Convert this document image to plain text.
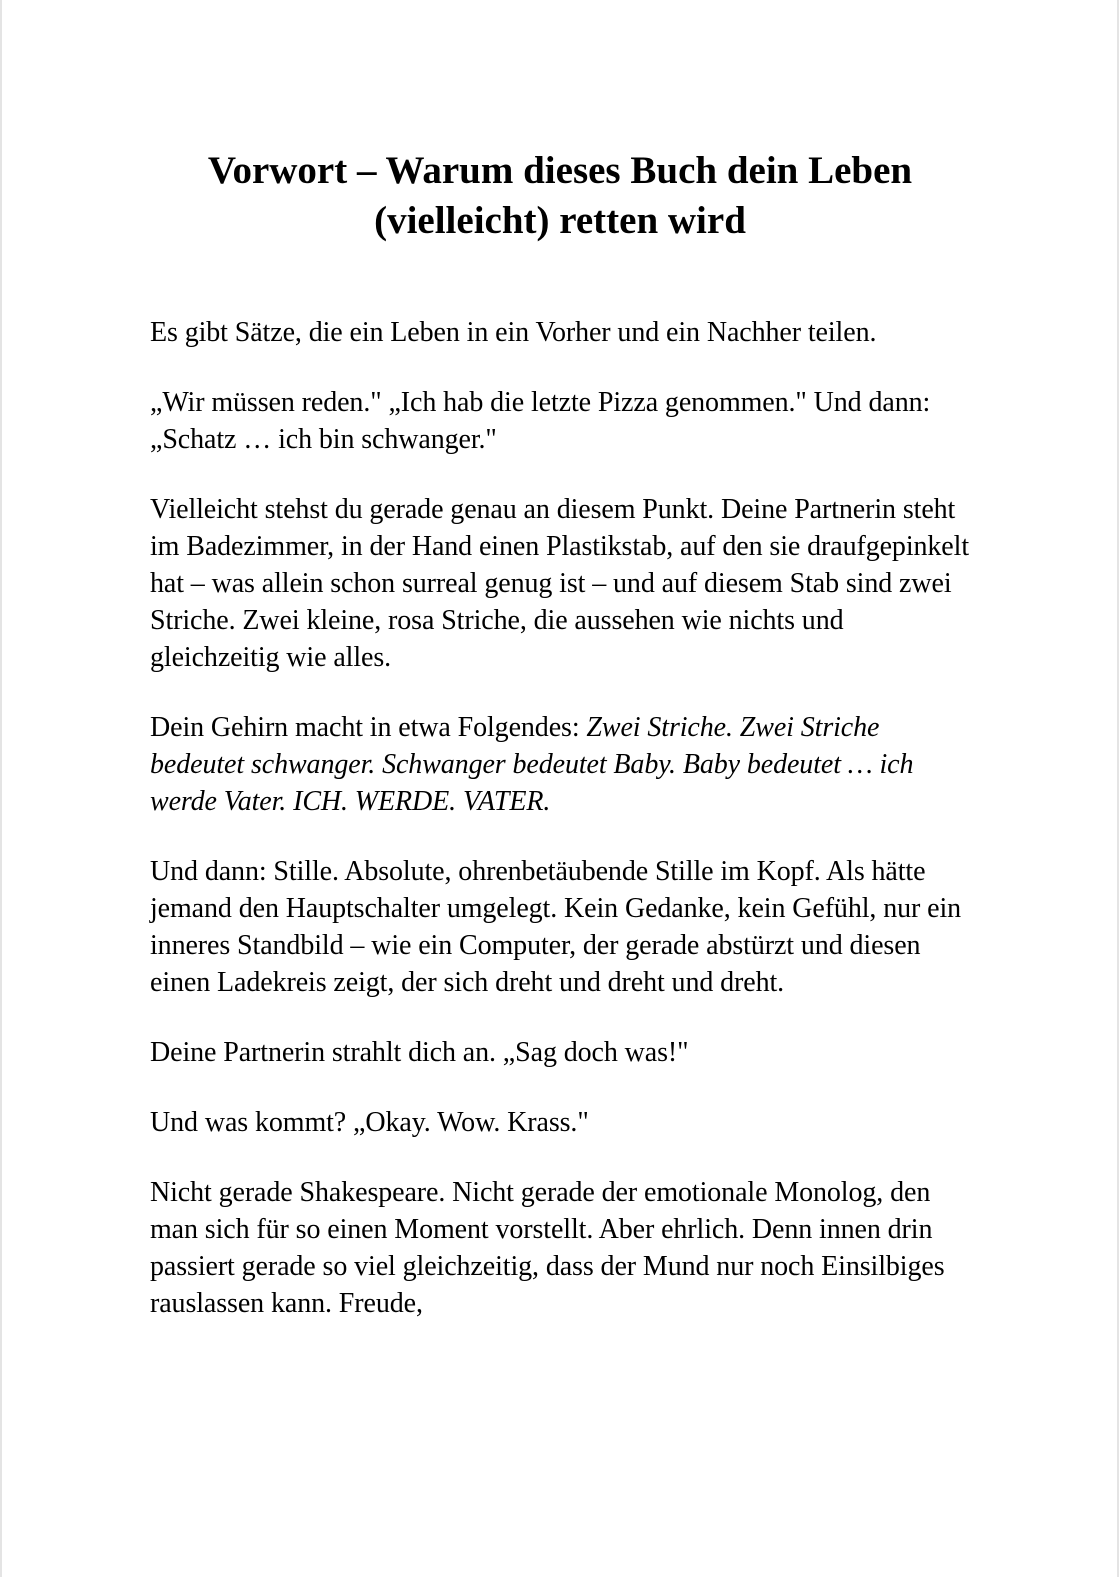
Vorwort – Warum dieses Buch dein Leben
(vielleicht) retten wird

Es gibt Sätze, die ein Leben in ein Vorher und ein Nachher teilen.

„Wir müssen reden." „Ich hab die letzte Pizza genommen." Und dann: „Schatz … ich bin schwanger."

Vielleicht stehst du gerade genau an diesem Punkt. Deine Partnerin steht im Badezimmer, in der Hand einen Plastikstab, auf den sie draufgepinkelt hat – was allein schon surreal genug ist – und auf diesem Stab sind zwei Striche. Zwei kleine, rosa Striche, die aussehen wie nichts und gleichzeitig wie alles.

Dein Gehirn macht in etwa Folgendes: Zwei Striche. Zwei Striche bedeutet schwanger. Schwanger bedeutet Baby. Baby bedeutet … ich werde Vater. ICH. WERDE. VATER.

Und dann: Stille. Absolute, ohrenbetäubende Stille im Kopf. Als hätte jemand den Hauptschalter umgelegt. Kein Gedanke, kein Gefühl, nur ein inneres Standbild – wie ein Computer, der gerade abstürzt und diesen einen Ladekreis zeigt, der sich dreht und dreht und dreht.

Deine Partnerin strahlt dich an. „Sag doch was!"

Und was kommt? „Okay. Wow. Krass."

Nicht gerade Shakespeare. Nicht gerade der emotionale Monolog, den man sich für so einen Moment vorstellt. Aber ehrlich. Denn innen drin passiert gerade so viel gleichzeitig, dass der Mund nur noch Einsilbiges rauslassen kann. Freude,
